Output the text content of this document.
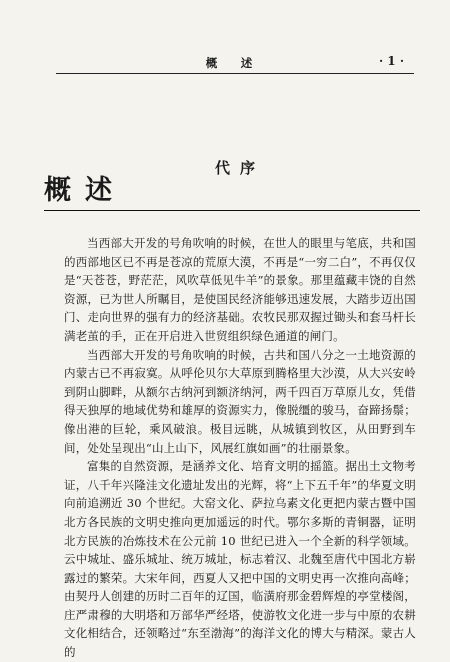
概　述	· 1 ·
代序
概述

当西部大开发的号角吹响的时候，在世人的眼里与笔底，共和国的西部地区已不再是苍凉的荒原大漠，不再是“一穷二白”，不再仅仅是“天苍苍，野茫茫，风吹草低见牛羊”的景象。那里蕴藏丰饶的自然资源，已为世人所瞩目，是使国民经济能够迅速发展，大踏步迈出国门、走向世界的强有力的经济基础。农牧民那双握过锄头和套马杆长满老茧的手，正在开启进入世贸组织绿色通道的闸门。

当西部大开发的号角吹响的时候，古共和国八分之一土地资源的内蒙古已不再寂寞。从呼伦贝尔大草原到腾格里大沙漠，从大兴安岭到阴山脚畔，从额尔古纳河到额济纳河，两千四百万草原儿女，凭借得天独厚的地域优势和雄厚的资源实力，像脱缰的骏马，奋蹄扬鬃；像出港的巨轮，乘风破浪。极目远眺，从城镇到牧区，从田野到车间，处处呈现出“山上山下，风展红旗如画”的壮丽景象。

富集的自然资源，是涵养文化、培育文明的摇篮。据出土文物考证，八千年兴隆洼文化遗址发出的光辉，将“上下五千年”的华夏文明向前追溯近 30 个世纪。大窑文化、萨拉乌素文化更把内蒙古暨中国北方各民族的文明史推向更加遥远的时代。鄂尔多斯的青铜器，证明北方民族的冶炼技术在公元前 10 世纪已进入一个全新的科学领域。云中城址、盛乐城址、统万城址，标志着汉、北魏至唐代中国北方崭露过的繁荣。大宋年间，西夏人又把中国的文明史再一次推向高峰；由契丹人创建的历时二百年的辽国，临潢府那金碧辉煌的亭堂楼阁，庄严肃穆的大明塔和万部华严经塔，使游牧文化进一步与中原的农耕文化相结合，还领略过“东至渤海”的海洋文化的博大与精深。蒙古人的
